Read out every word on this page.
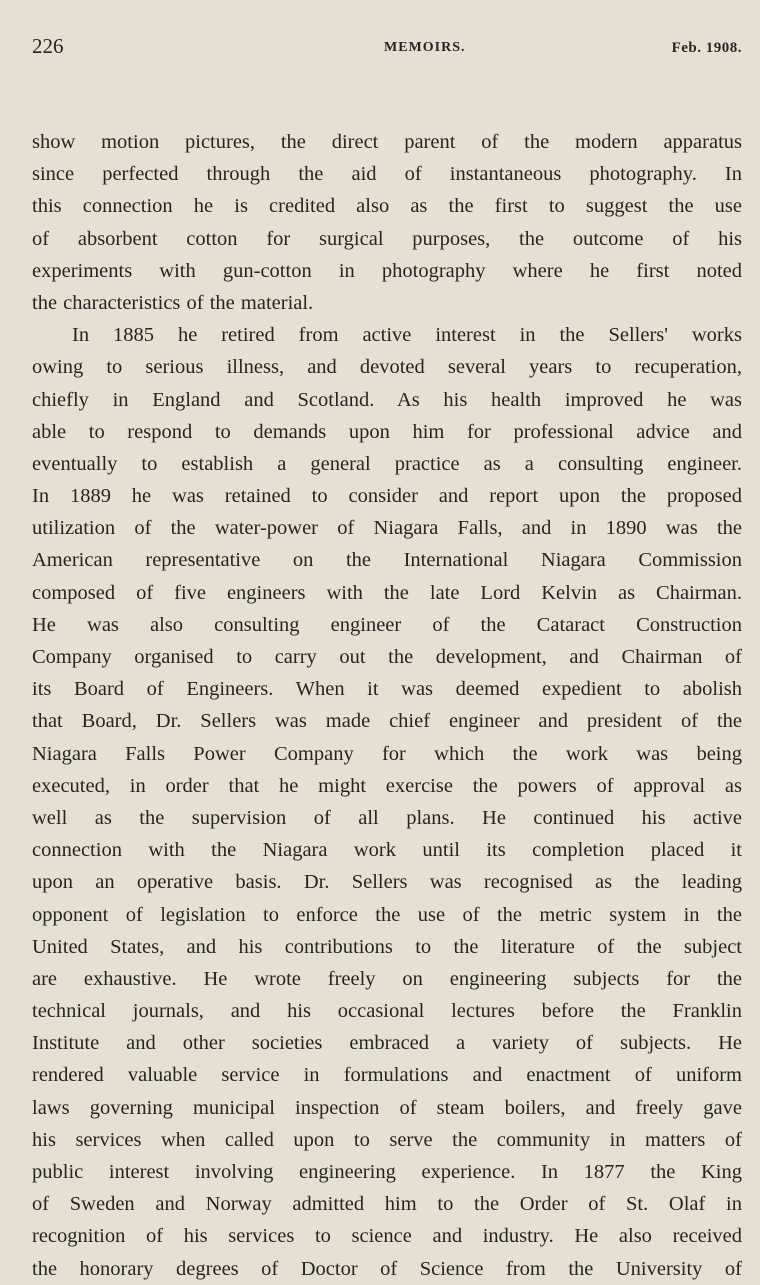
226	MEMOIRS.	Feb. 1908.
show motion pictures, the direct parent of the modern apparatus
since perfected through the aid of instantaneous photography. In
this connection he is credited also as the first to suggest the use
of absorbent cotton for surgical purposes, the outcome of his
experiments with gun-cotton in photography where he first noted
the characteristics of the material.
In 1885 he retired from active interest in the Sellers' works
owing to serious illness, and devoted several years to recuperation,
chiefly in England and Scotland. As his health improved he was
able to respond to demands upon him for professional advice and
eventually to establish a general practice as a consulting engineer.
In 1889 he was retained to consider and report upon the proposed
utilization of the water-power of Niagara Falls, and in 1890 was the
American representative on the International Niagara Commission
composed of five engineers with the late Lord Kelvin as Chairman.
He was also consulting engineer of the Cataract Construction
Company organised to carry out the development, and Chairman of
its Board of Engineers. When it was deemed expedient to abolish
that Board, Dr. Sellers was made chief engineer and president of the
Niagara Falls Power Company for which the work was being
executed, in order that he might exercise the powers of approval as
well as the supervision of all plans. He continued his active
connection with the Niagara work until its completion placed it
upon an operative basis. Dr. Sellers was recognised as the leading
opponent of legislation to enforce the use of the metric system in the
United States, and his contributions to the literature of the subject
are exhaustive. He wrote freely on engineering subjects for the
technical journals, and his occasional lectures before the Franklin
Institute and other societies embraced a variety of subjects. He
rendered valuable service in formulations and enactment of uniform
laws governing municipal inspection of steam boilers, and freely gave
his services when called upon to serve the community in matters of
public interest involving engineering experience. In 1877 the King
of Sweden and Norway admitted him to the Order of St. Olaf in
recognition of his services to science and industry. He also received
the honorary degrees of Doctor of Science from the University of
